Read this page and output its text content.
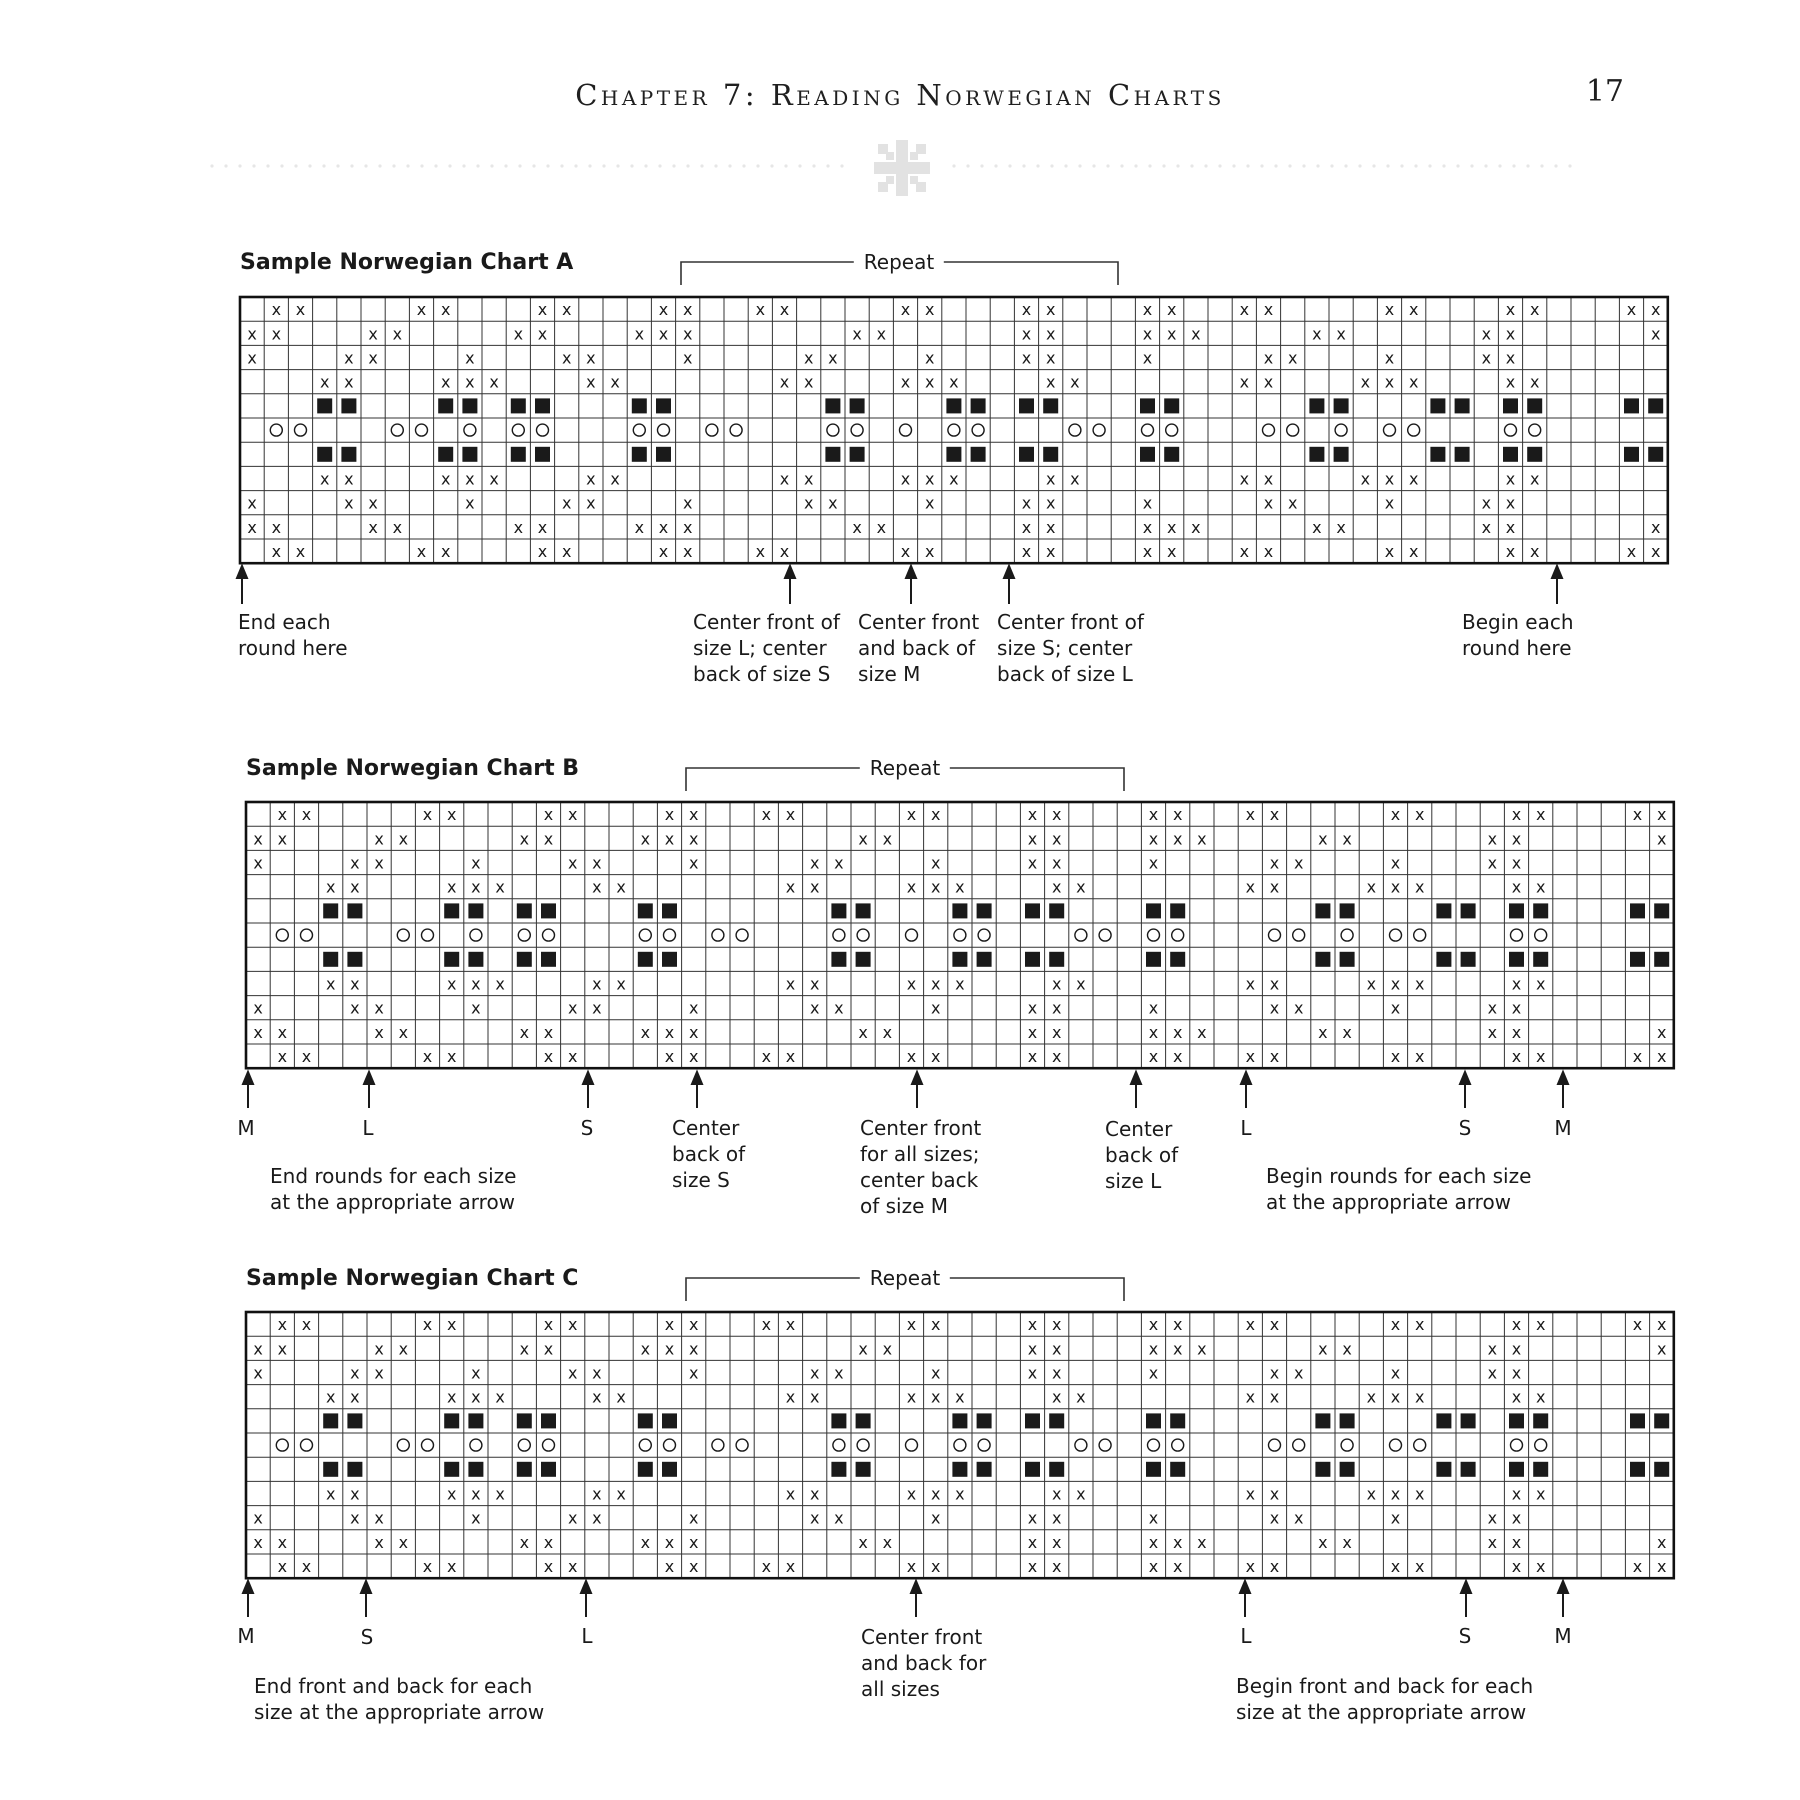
Chapter 7: Reading Norwegian Charts	17
Sample Norwegian Chart A	Repeat
x x	x x	x x	x x	x x	x x	x x	x x	x x	x x	x x	x x
x x	x x	x x	x x x	x x	x x	x x x	x x	x x	x
x	x x	x	x x	x	x x	x	x x	x	x x	x	x x
x x	x x x	x x	x x	x x x	x x	x x	x x x	x x
x x	x x x	x x	x x	x x x	x x	x x	x x x	x x
x	x x	x	x x	x	x x	x	x x	x	x x	x	x x
x x	x x	x x	x x x	x x	x x	x x x	x x	x x	x
x x	x x	x x	x x	x x	x x	x x	x x	x x	x x	x x	x x
End each
round here
Center front of
size L; center
back of size S
Center front
and back of
size M
Center front of
size S; center
back of size L
Begin each
round here
Sample Norwegian Chart B	Repeat
x x	x x	x x	x x	x x	x x	x x	x x	x x	x x	x x	x x
x x	x x	x x	x x x	x x	x x	x x x	x x	x x	x
x	x x	x	x x	x	x x	x	x x	x	x x	x	x x
x x	x x x	x x	x x	x x x	x x	x x	x x x	x x
x x	x x x	x x	x x	x x x	x x	x x	x x x	x x
x	x x	x	x x	x	x x	x	x x	x	x x	x	x x
x x	x x	x x	x x x	x x	x x	x x x	x x	x x	x
x x	x x	x x	x x	x x	x x	x x	x x	x x	x x	x x	x x
M	L	S	L	S	M
Center
back of
size S
Center front
for all sizes;
center back
of size M
Center
back of
size L
End rounds for each size
at the appropriate arrow
Begin rounds for each size
at the appropriate arrow
Sample Norwegian Chart C	Repeat
x x	x x	x x	x x	x x	x x	x x	x x	x x	x x	x x	x x
x x	x x	x x	x x x	x x	x x	x x x	x x	x x	x
x	x x	x	x x	x	x x	x	x x	x	x x	x	x x
x x	x x x	x x	x x	x x x	x x	x x	x x x	x x
x x	x x x	x x	x x	x x x	x x	x x	x x x	x x
x	x x	x	x x	x	x x	x	x x	x	x x	x	x x
x x	x x	x x	x x x	x x	x x	x x x	x x	x x	x
x x	x x	x x	x x	x x	x x	x x	x x	x x	x x	x x	x x
M	S	L	L	S	M
Center front
and back for
all sizes
End front and back for each
size at the appropriate arrow
Begin front and back for each
size at the appropriate arrow
